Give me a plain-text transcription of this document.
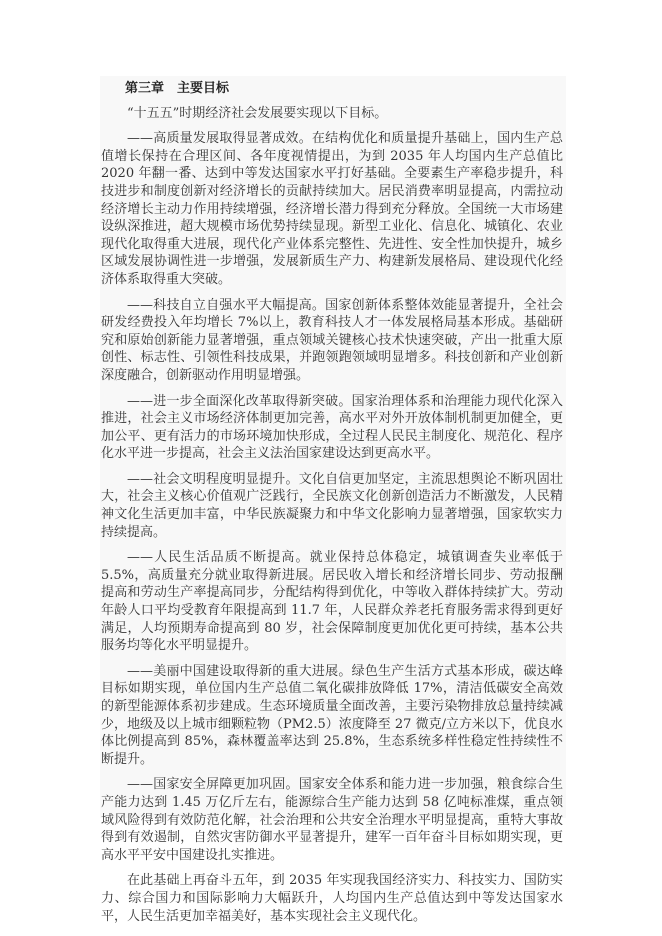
第三章　主要目标

“十五五”时期经济社会发展要实现以下目标。

——高质量发展取得显著成效。在结构优化和质量提升基础上，国内生产总值增长保持在合理区间、各年度视情提出，为到 2035 年人均国内生产总值比 2020 年翻一番、达到中等发达国家水平打好基础。全要素生产率稳步提升，科技进步和制度创新对经济增长的贡献持续加大。居民消费率明显提高，内需拉动经济增长主动力作用持续增强，经济增长潜力得到充分释放。全国统一大市场建设纵深推进，超大规模市场优势持续显现。新型工业化、信息化、城镇化、农业现代化取得重大进展，现代化产业体系完整性、先进性、安全性加快提升，城乡区域发展协调性进一步增强，发展新质生产力、构建新发展格局、建设现代化经济体系取得重大突破。

——科技自立自强水平大幅提高。国家创新体系整体效能显著提升，全社会研发经费投入年均增长 7%以上，教育科技人才一体发展格局基本形成。基础研究和原始创新能力显著增强，重点领域关键核心技术快速突破，产出一批重大原创性、标志性、引领性科技成果，并跑领跑领域明显增多。科技创新和产业创新深度融合，创新驱动作用明显增强。

——进一步全面深化改革取得新突破。国家治理体系和治理能力现代化深入推进，社会主义市场经济体制更加完善，高水平对外开放体制机制更加健全，更加公平、更有活力的市场环境加快形成，全过程人民民主制度化、规范化、程序化水平进一步提高，社会主义法治国家建设达到更高水平。

——社会文明程度明显提升。文化自信更加坚定，主流思想舆论不断巩固壮大，社会主义核心价值观广泛践行，全民族文化创新创造活力不断激发，人民精神文化生活更加丰富，中华民族凝聚力和中华文化影响力显著增强，国家软实力持续提高。

——人民生活品质不断提高。就业保持总体稳定，城镇调查失业率低于 5.5%，高质量充分就业取得新进展。居民收入增长和经济增长同步、劳动报酬提高和劳动生产率提高同步，分配结构得到优化，中等收入群体持续扩大。劳动年龄人口平均受教育年限提高到 11.7 年，人民群众养老托育服务需求得到更好满足，人均预期寿命提高到 80 岁，社会保障制度更加优化更可持续，基本公共服务均等化水平明显提升。

——美丽中国建设取得新的重大进展。绿色生产生活方式基本形成，碳达峰目标如期实现，单位国内生产总值二氧化碳排放降低 17%，清洁低碳安全高效的新型能源体系初步建成。生态环境质量全面改善，主要污染物排放总量持续减少，地级及以上城市细颗粒物（PM2.5）浓度降至 27 微克/立方米以下，优良水体比例提高到 85%，森林覆盖率达到 25.8%，生态系统多样性稳定性持续性不断提升。

——国家安全屏障更加巩固。国家安全体系和能力进一步加强，粮食综合生产能力达到 1.45 万亿斤左右，能源综合生产能力达到 58 亿吨标准煤，重点领域风险得到有效防范化解，社会治理和公共安全治理水平明显提高，重特大事故得到有效遏制，自然灾害防御水平显著提升，建军一百年奋斗目标如期实现，更高水平平安中国建设扎实推进。

在此基础上再奋斗五年，到 2035 年实现我国经济实力、科技实力、国防实力、综合国力和国际影响力大幅跃升，人均国内生产总值达到中等发达国家水平，人民生活更加幸福美好，基本实现社会主义现代化。
